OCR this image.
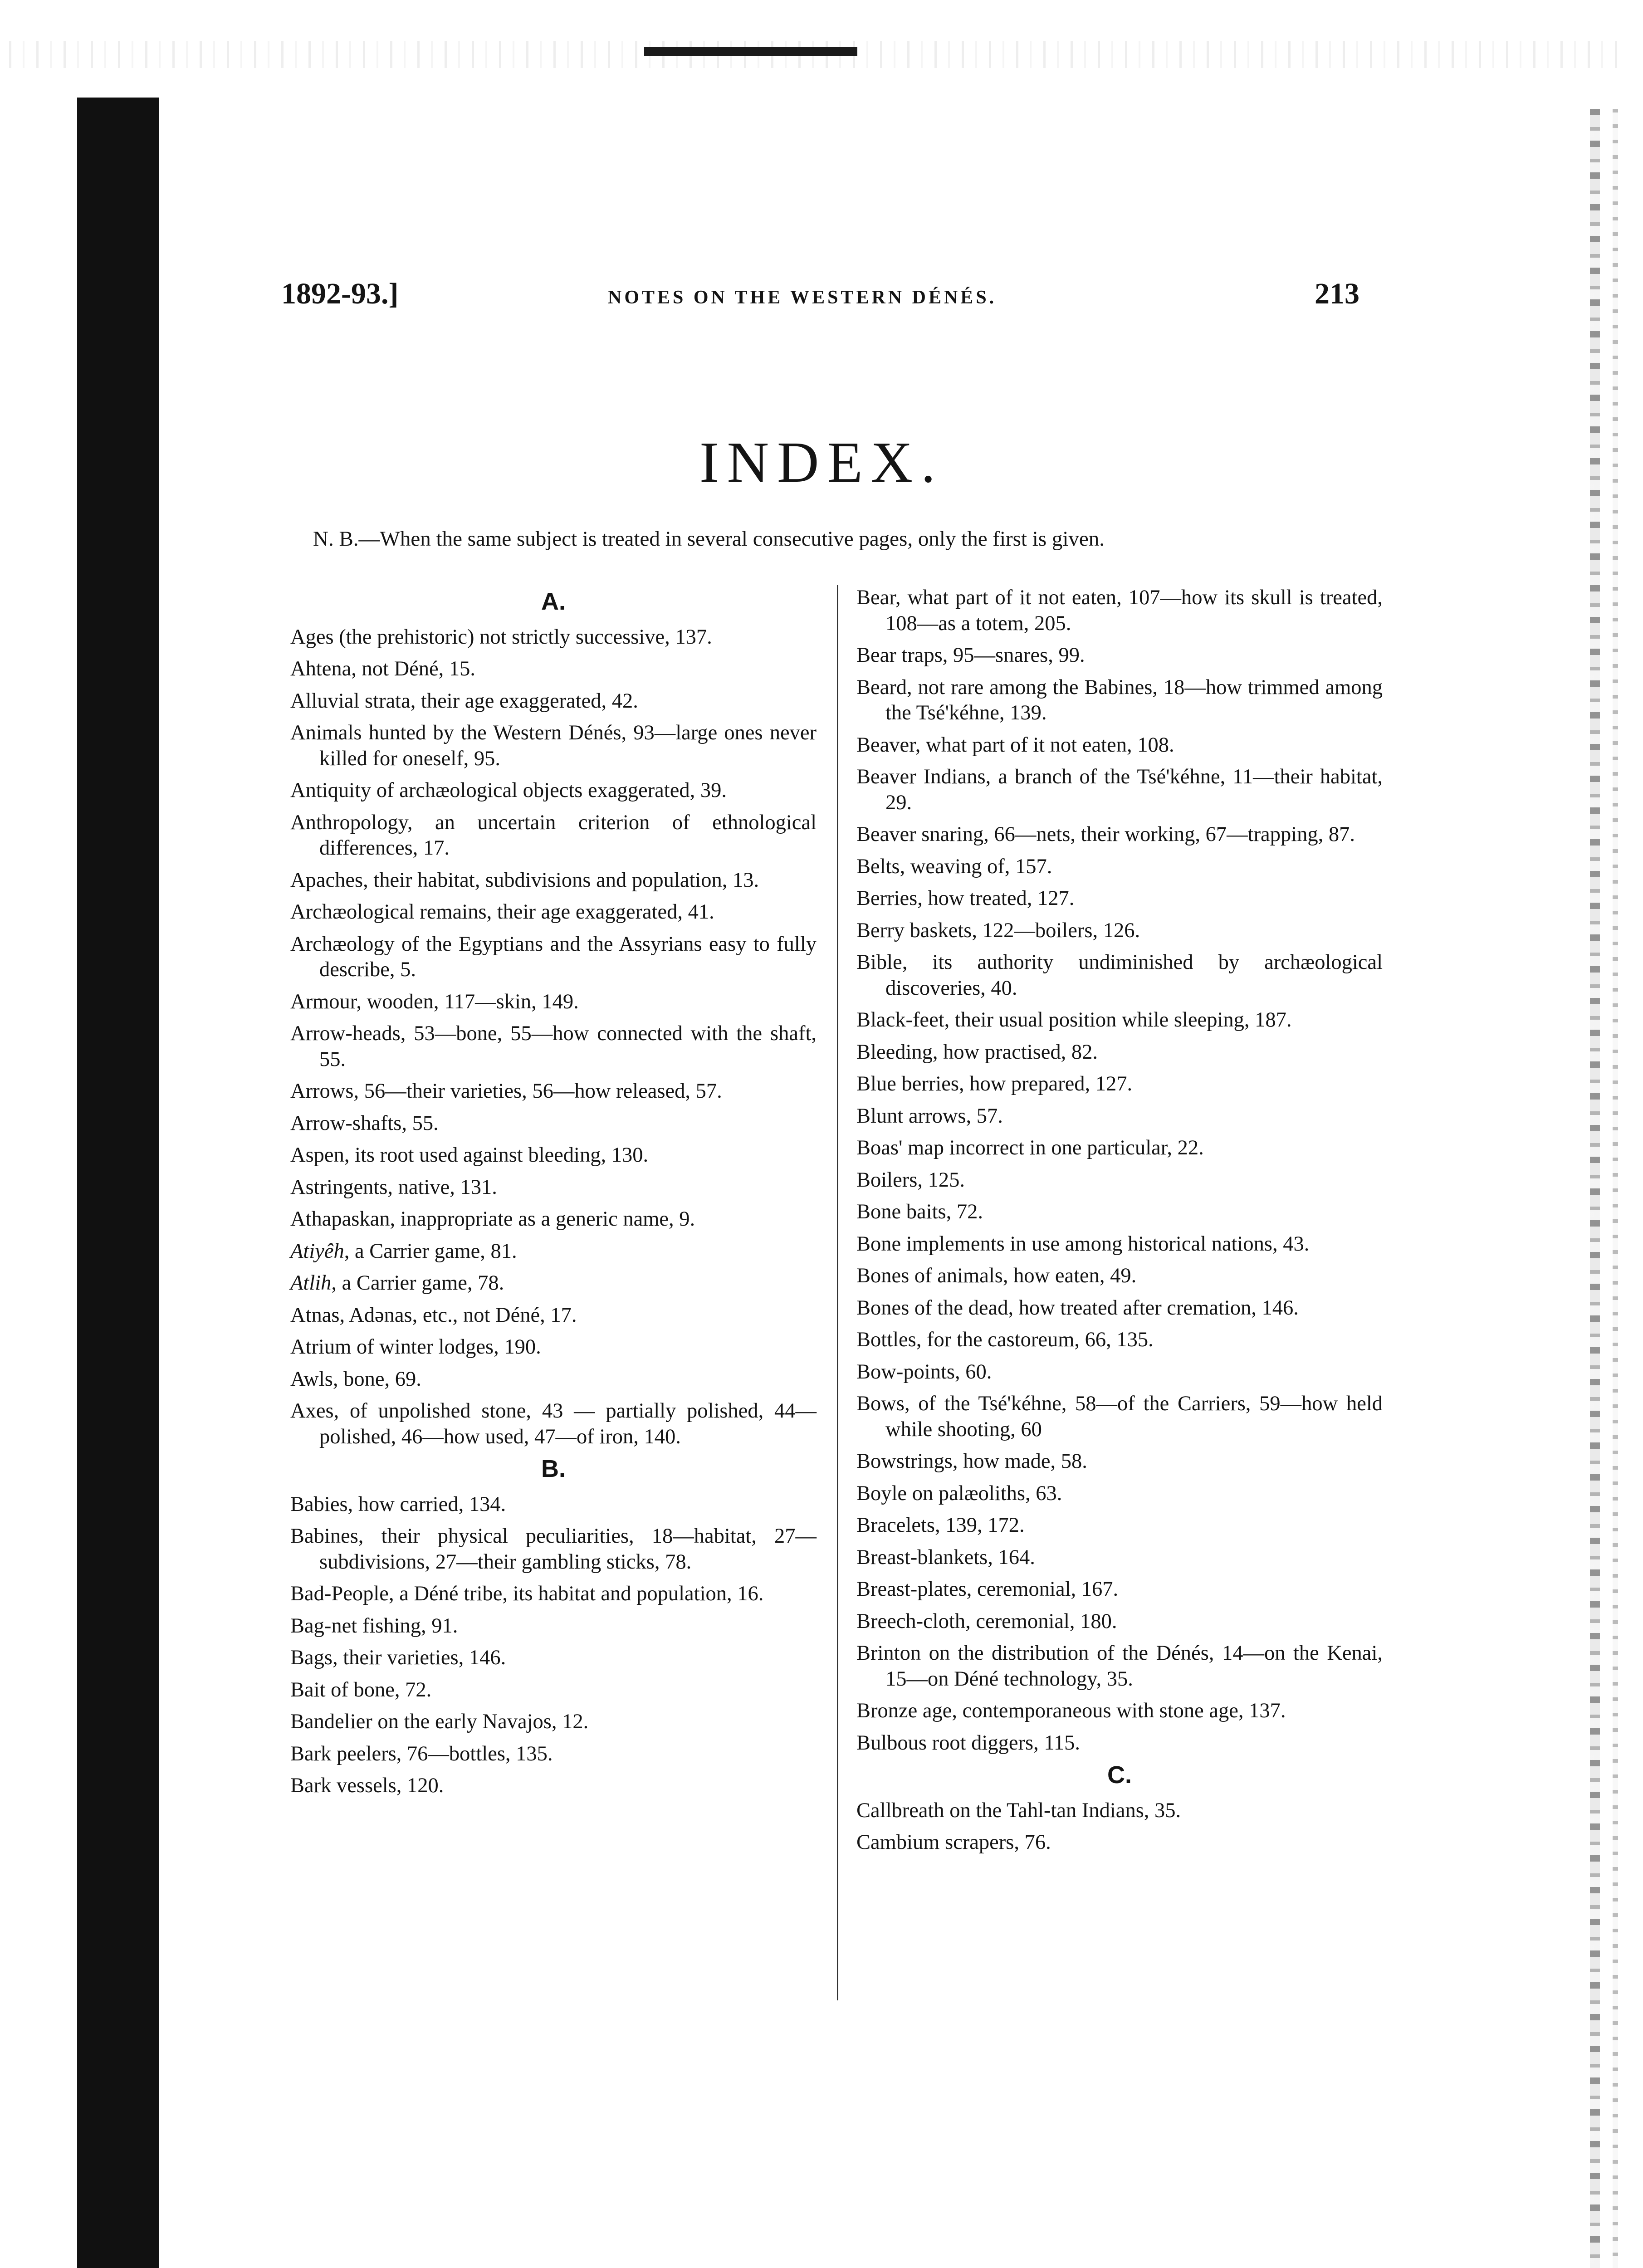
1892-93.]	NOTES ON THE WESTERN DÉNÉS.	213
INDEX.
N. B.—When the same subject is treated in several consecutive pages, only the first is given.
A.
Ages (the prehistoric) not strictly successive, 137.
Ahtena, not Déné, 15.
Alluvial strata, their age exaggerated, 42.
Animals hunted by the Western Dénés, 93—large ones never killed for oneself, 95.
Antiquity of archæological objects exaggerated, 39.
Anthropology, an uncertain criterion of ethnological differences, 17.
Apaches, their habitat, subdivisions and population, 13.
Archæological remains, their age exaggerated, 41.
Archæology of the Egyptians and the Assyrians easy to fully describe, 5.
Armour, wooden, 117—skin, 149.
Arrow-heads, 53—bone, 55—how connected with the shaft, 55.
Arrows, 56—their varieties, 56—how released, 57.
Arrow-shafts, 55.
Aspen, its root used against bleeding, 130.
Astringents, native, 131.
Athapaskan, inappropriate as a generic name, 9.
Atiyêh, a Carrier game, 81.
Atlih, a Carrier game, 78.
Atnas, Adənas, etc., not Déné, 17.
Atrium of winter lodges, 190.
Awls, bone, 69.
Axes, of unpolished stone, 43 — partially polished, 44—polished, 46—how used, 47—of iron, 140.
B.
Babies, how carried, 134.
Babines, their physical peculiarities, 18—habitat, 27—subdivisions, 27—their gambling sticks, 78.
Bad-People, a Déné tribe, its habitat and population, 16.
Bag-net fishing, 91.
Bags, their varieties, 146.
Bait of bone, 72.
Bandelier on the early Navajos, 12.
Bark peelers, 76—bottles, 135.
Bark vessels, 120.
Bear, what part of it not eaten, 107—how its skull is treated, 108—as a totem, 205.
Bear traps, 95—snares, 99.
Beard, not rare among the Babines, 18—how trimmed among the Tsé'kéhne, 139.
Beaver, what part of it not eaten, 108.
Beaver Indians, a branch of the Tsé'kéhne, 11—their habitat, 29.
Beaver snaring, 66—nets, their working, 67—trapping, 87.
Belts, weaving of, 157.
Berries, how treated, 127.
Berry baskets, 122—boilers, 126.
Bible, its authority undiminished by archæological discoveries, 40.
Black-feet, their usual position while sleeping, 187.
Bleeding, how practised, 82.
Blue berries, how prepared, 127.
Blunt arrows, 57.
Boas' map incorrect in one particular, 22.
Boilers, 125.
Bone baits, 72.
Bone implements in use among historical nations, 43.
Bones of animals, how eaten, 49.
Bones of the dead, how treated after cremation, 146.
Bottles, for the castoreum, 66, 135.
Bow-points, 60.
Bows, of the Tsé'kéhne, 58—of the Carriers, 59—how held while shooting, 60
Bowstrings, how made, 58.
Boyle on palæoliths, 63.
Bracelets, 139, 172.
Breast-blankets, 164.
Breast-plates, ceremonial, 167.
Breech-cloth, ceremonial, 180.
Brinton on the distribution of the Dénés, 14—on the Kenai, 15—on Déné technology, 35.
Bronze age, contemporaneous with stone age, 137.
Bulbous root diggers, 115.
C.
Callbreath on the Tahl-tan Indians, 35.
Cambium scrapers, 76.
